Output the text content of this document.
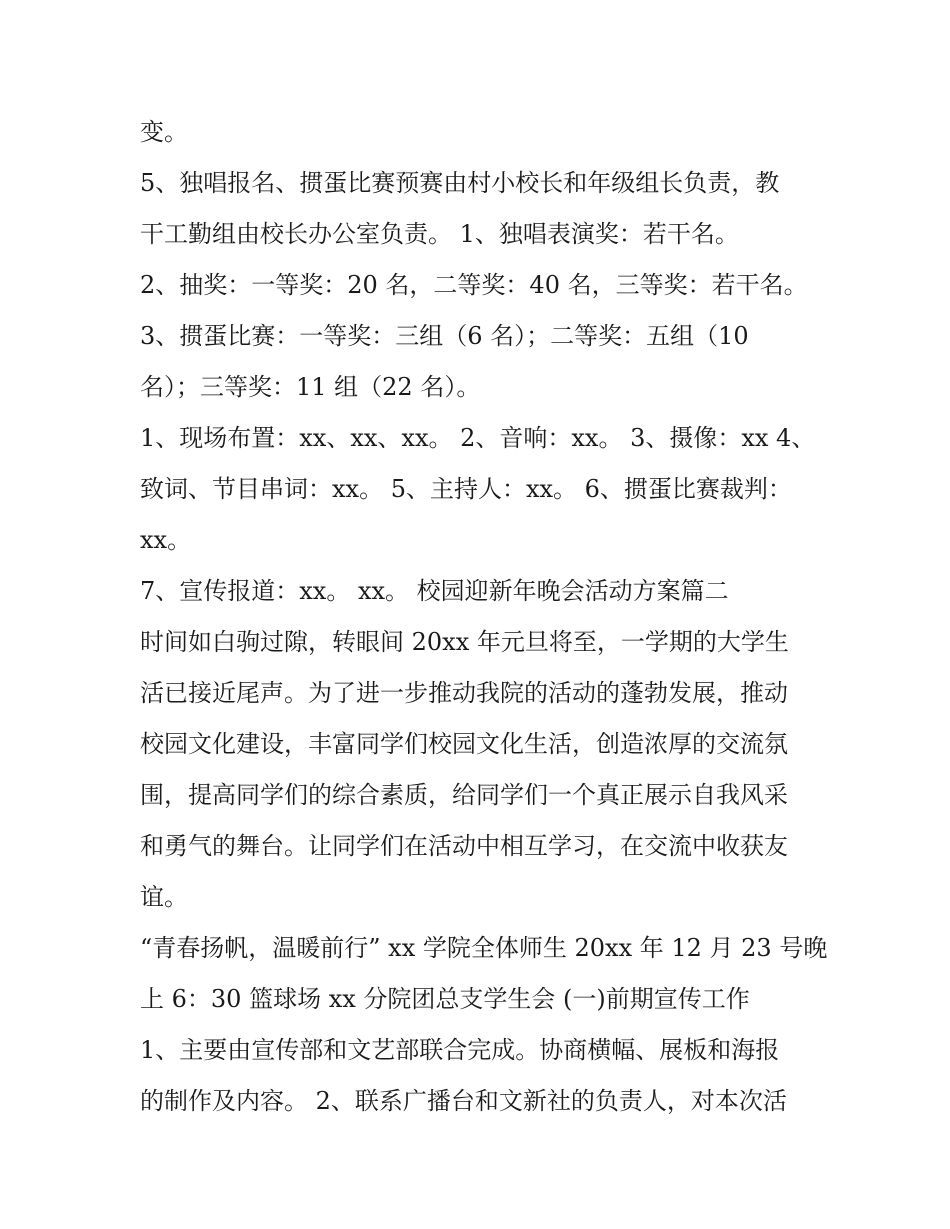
变。
5、独唱报名、掼蛋比赛预赛由村小校长和年级组长负责，教
干工勤组由校长办公室负责。 1、独唱表演奖：若干名。
2、抽奖：一等奖：20 名，二等奖：40 名，三等奖：若干名。
3、掼蛋比赛：一等奖：三组（6 名）；二等奖：五组（10
名）；三等奖：11 组（22 名）。
1、现场布置：xx、xx、xx。 2、音响：xx。 3、摄像：xx 4、
致词、节目串词：xx。 5、主持人：xx。 6、掼蛋比赛裁判：
xx。
7、宣传报道：xx。 xx。 校园迎新年晚会活动方案篇二
时间如白驹过隙，转眼间 20xx 年元旦将至，一学期的大学生
活已接近尾声。为了进一步推动我院的活动的蓬勃发展，推动
校园文化建设，丰富同学们校园文化生活，创造浓厚的交流氛
围，提高同学们的综合素质，给同学们一个真正展示自我风采
和勇气的舞台。让同学们在活动中相互学习，在交流中收获友
谊。
“青春扬帆，温暖前行” xx 学院全体师生 20xx 年 12 月 23 号晚
上 6：30 篮球场 xx 分院团总支学生会 (一)前期宣传工作
1、主要由宣传部和文艺部联合完成。协商横幅、展板和海报
的制作及内容。 2、联系广播台和文新社的负责人，对本次活
